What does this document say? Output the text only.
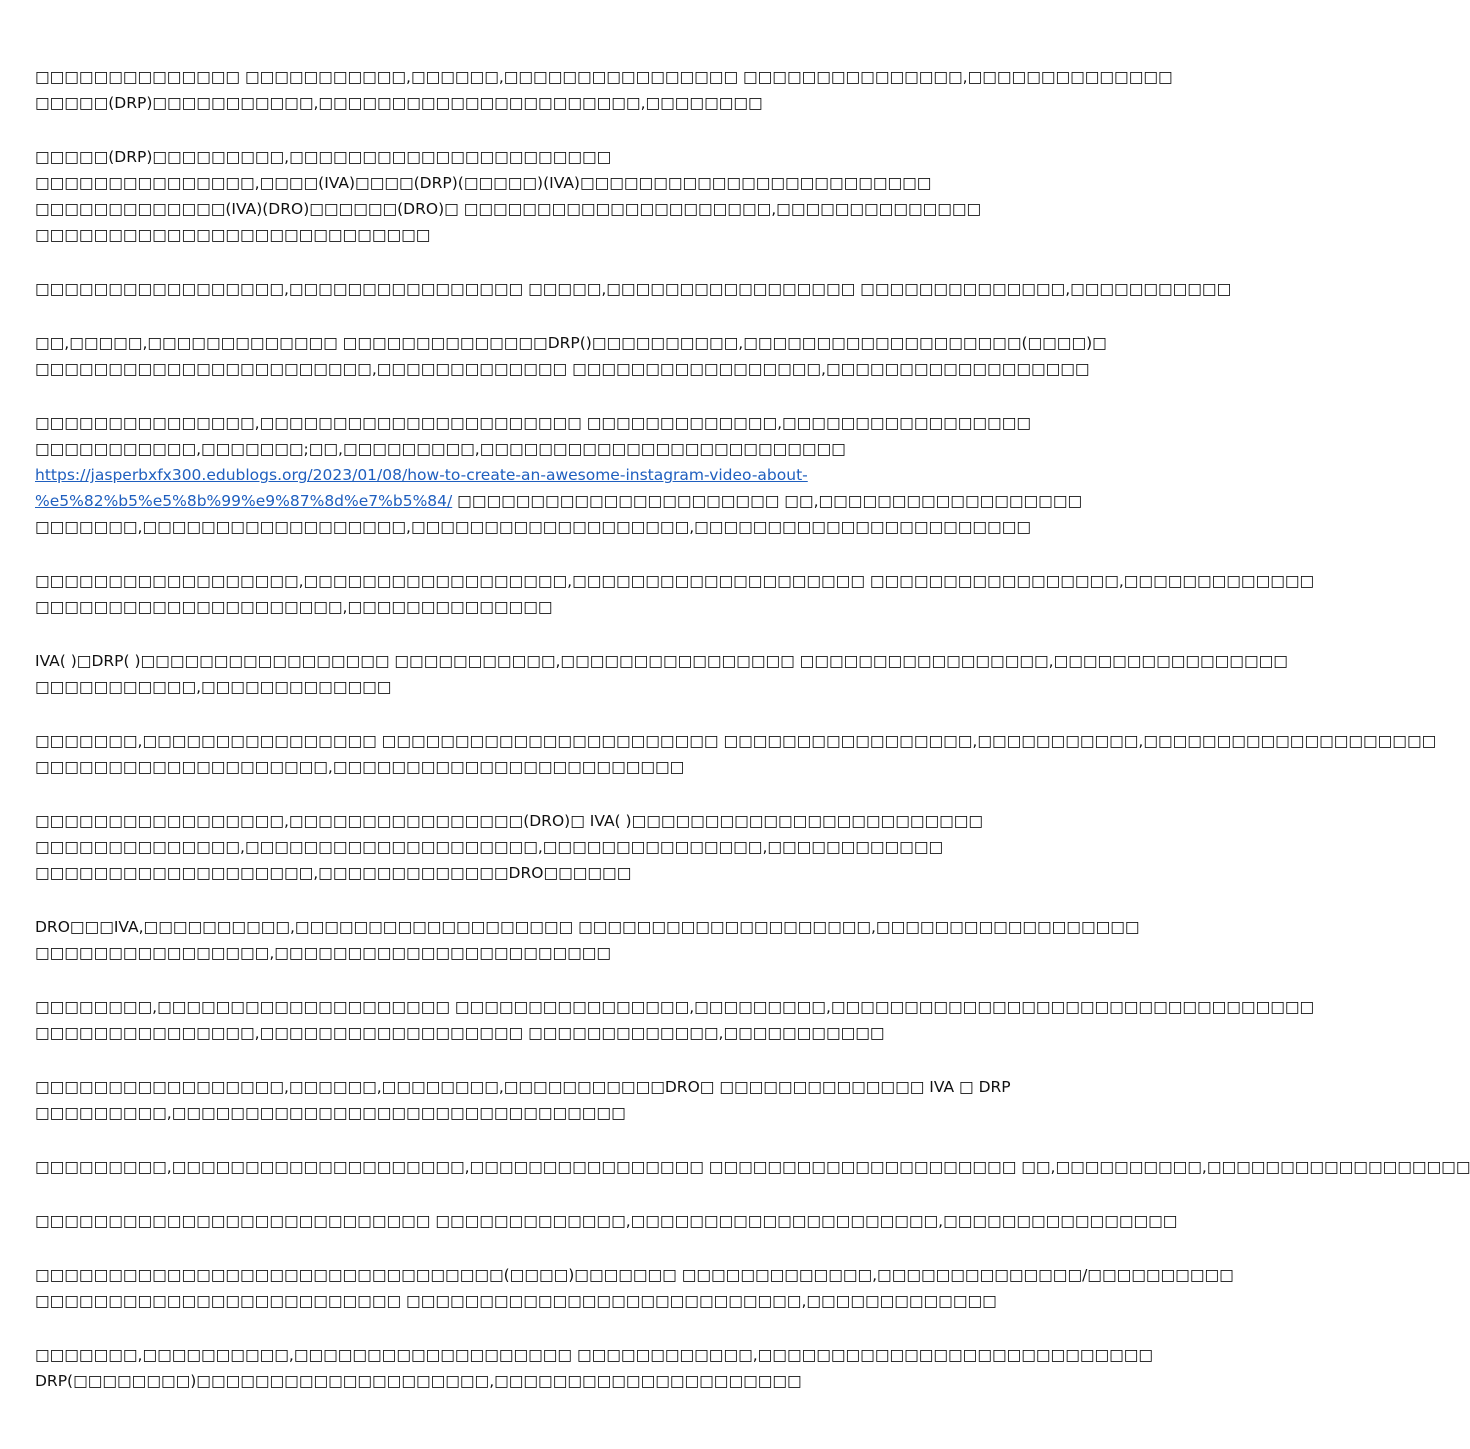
□□□□□□□□□□□□□□ □□□□□□□□□□□,□□□□□□,□□□□□□□□□□□□□□□□ □□□□□□□□□□□□□□□,□□□□□□□□□□□□□□
□□□□□(DRP)□□□□□□□□□□□,□□□□□□□□□□□□□□□□□□□□□□,□□□□□□□□

□□□□□(DRP)□□□□□□□□□,□□□□□□□□□□□□□□□□□□□□□□
□□□□□□□□□□□□□□□,□□□□(IVA)□□□□(DRP)(□□□□□)(IVA)□□□□□□□□□□□□□□□□□□□□□□□□
□□□□□□□□□□□□□(IVA)(DRO)□□□□□□(DRO)□ □□□□□□□□□□□□□□□□□□□□□,□□□□□□□□□□□□□□
□□□□□□□□□□□□□□□□□□□□□□□□□□□

□□□□□□□□□□□□□□□□□,□□□□□□□□□□□□□□□□ □□□□□,□□□□□□□□□□□□□□□□□ □□□□□□□□□□□□□□,□□□□□□□□□□□

□□,□□□□□,□□□□□□□□□□□□□ □□□□□□□□□□□□□□DRP()□□□□□□□□□□,□□□□□□□□□□□□□□□□□□□(□□□□)□
□□□□□□□□□□□□□□□□□□□□□□□,□□□□□□□□□□□□□ □□□□□□□□□□□□□□□□□,□□□□□□□□□□□□□□□□□□

□□□□□□□□□□□□□□□,□□□□□□□□□□□□□□□□□□□□□□ □□□□□□□□□□□□□,□□□□□□□□□□□□□□□□□
□□□□□□□□□□□,□□□□□□□;□□,□□□□□□□□□,□□□□□□□□□□□□□□□□□□□□□□□□□
https://jasperbxfx300.edublogs.org/2023/01/08/how-to-create-an-awesome-instagram-video-about-
%e5%82%b5%e5%8b%99%e9%87%8d%e7%b5%84/ □□□□□□□□□□□□□□□□□□□□□□ □□,□□□□□□□□□□□□□□□□□□
□□□□□□□,□□□□□□□□□□□□□□□□□□,□□□□□□□□□□□□□□□□□□□,□□□□□□□□□□□□□□□□□□□□□□□

□□□□□□□□□□□□□□□□□□,□□□□□□□□□□□□□□□□□□,□□□□□□□□□□□□□□□□□□□□ □□□□□□□□□□□□□□□□□,□□□□□□□□□□□□□
□□□□□□□□□□□□□□□□□□□□□,□□□□□□□□□□□□□□

IVA( )□DRP( )□□□□□□□□□□□□□□□□□ □□□□□□□□□□□,□□□□□□□□□□□□□□□□ □□□□□□□□□□□□□□□□□,□□□□□□□□□□□□□□□□
□□□□□□□□□□□,□□□□□□□□□□□□□

□□□□□□□,□□□□□□□□□□□□□□□□ □□□□□□□□□□□□□□□□□□□□□□□ □□□□□□□□□□□□□□□□□,□□□□□□□□□□□,□□□□□□□□□□□□□□□□□□□□
□□□□□□□□□□□□□□□□□□□□,□□□□□□□□□□□□□□□□□□□□□□□□

□□□□□□□□□□□□□□□□□,□□□□□□□□□□□□□□□□(DRO)□ IVA( )□□□□□□□□□□□□□□□□□□□□□□□□
□□□□□□□□□□□□□□,□□□□□□□□□□□□□□□□□□□□,□□□□□□□□□□□□□□□,□□□□□□□□□□□□
□□□□□□□□□□□□□□□□□□□,□□□□□□□□□□□□□DRO□□□□□□

DRO□□□IVA,□□□□□□□□□□,□□□□□□□□□□□□□□□□□□□ □□□□□□□□□□□□□□□□□□□□,□□□□□□□□□□□□□□□□□□
□□□□□□□□□□□□□□□□,□□□□□□□□□□□□□□□□□□□□□□□

□□□□□□□□,□□□□□□□□□□□□□□□□□□□□ □□□□□□□□□□□□□□□□,□□□□□□□□□,□□□□□□□□□□□□□□□□□□□□□□□□□□□□□□□□□
□□□□□□□□□□□□□□□,□□□□□□□□□□□□□□□□□□ □□□□□□□□□□□□□,□□□□□□□□□□□

□□□□□□□□□□□□□□□□□,□□□□□□,□□□□□□□□,□□□□□□□□□□□DRO□ □□□□□□□□□□□□□□ IVA □ DRP
□□□□□□□□□,□□□□□□□□□□□□□□□□□□□□□□□□□□□□□□□

□□□□□□□□□,□□□□□□□□□□□□□□□□□□□□,□□□□□□□□□□□□□□□□ □□□□□□□□□□□□□□□□□□□□□ □□,□□□□□□□□□□,□□□□□□□□□□□□□□□□□□

□□□□□□□□□□□□□□□□□□□□□□□□□□□ □□□□□□□□□□□□□,□□□□□□□□□□□□□□□□□□□□□,□□□□□□□□□□□□□□□□

□□□□□□□□□□□□□□□□□□□□□□□□□□□□□□□□(□□□□)□□□□□□□ □□□□□□□□□□□□□,□□□□□□□□□□□□□□/□□□□□□□□□□
□□□□□□□□□□□□□□□□□□□□□□□□□ □□□□□□□□□□□□□□□□□□□□□□□□□□□,□□□□□□□□□□□□□

□□□□□□□,□□□□□□□□□□,□□□□□□□□□□□□□□□□□□□ □□□□□□□□□□□□,□□□□□□□□□□□□□□□□□□□□□□□□□□□
DRP(□□□□□□□□)□□□□□□□□□□□□□□□□□□□□,□□□□□□□□□□□□□□□□□□□□□
